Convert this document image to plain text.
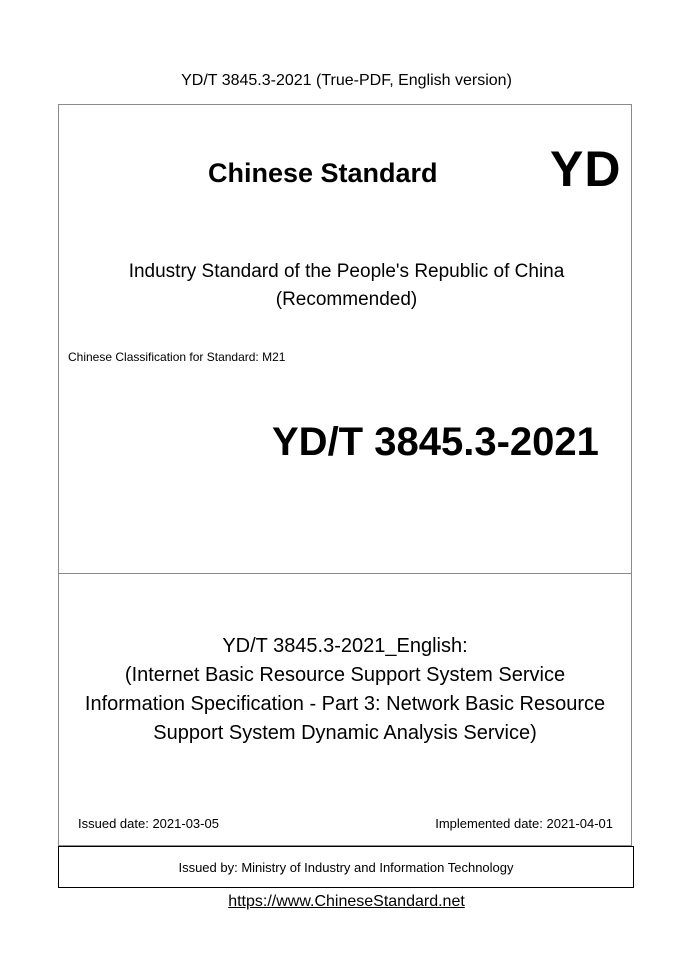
YD/T 3845.3-2021 (True-PDF, English version)
Chinese Standard YD
Industry Standard of the People's Republic of China
(Recommended)
Chinese Classification for Standard: M21
YD/T 3845.3-2021
YD/T 3845.3-2021_English:
(Internet Basic Resource Support System Service
Information Specification - Part 3: Network Basic Resource
Support System Dynamic Analysis Service)
Issued date: 2021-03-05	Implemented date: 2021-04-01
Issued by: Ministry of Industry and Information Technology
https://www.ChineseStandard.net
